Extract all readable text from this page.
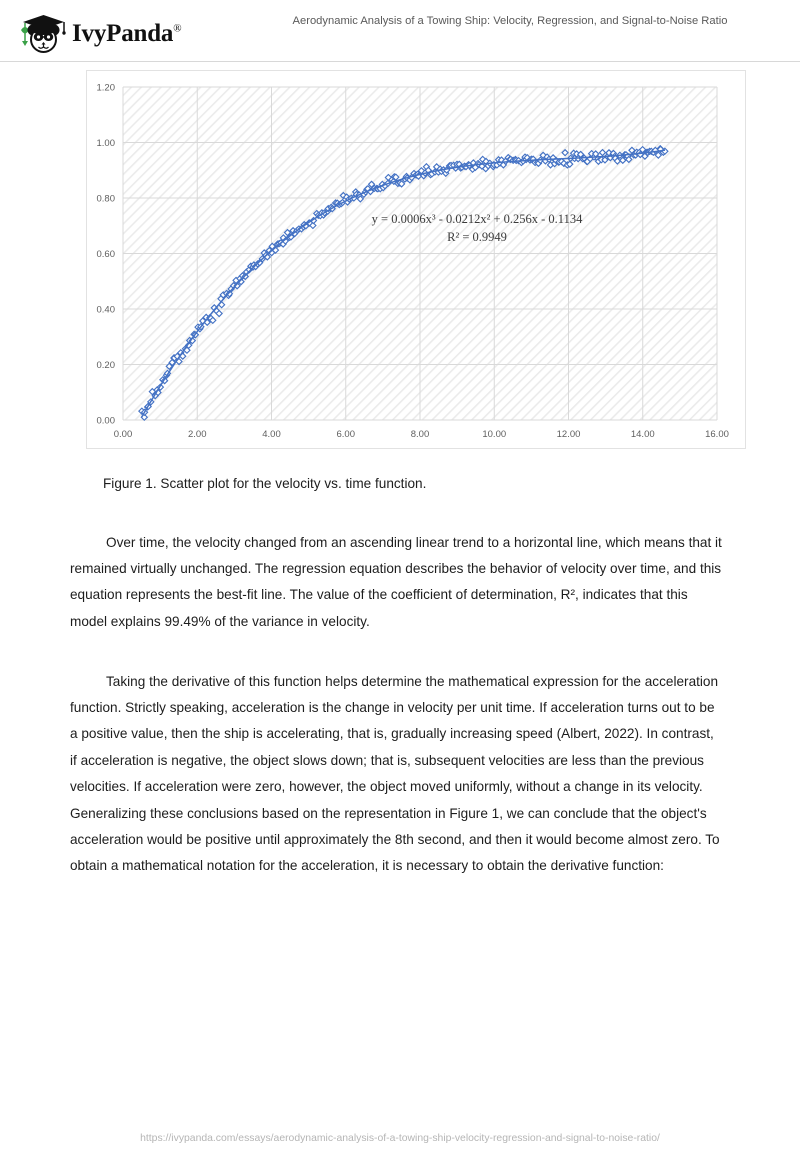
IvyPanda®
Aerodynamic Analysis of a Towing Ship: Velocity, Regression, and Signal-to-Noise Ratio
0.00
0.20
0.40
0.60
0.80
1.00
1.20
0.00	2.00	4.00	6.00	8.00	10.00	12.00	14.00	16.00
y = 0.0006x³ - 0.0212x² + 0.256x - 0.1134
R² = 0.9949
Figure 1. Scatter plot for the velocity vs. time function.

Over time, the velocity changed from an ascending linear trend to a horizontal line, which means that it remained virtually unchanged. The regression equation describes the behavior of velocity over time, and this equation represents the best-fit line. The value of the coefficient of determination, R², indicates that this model explains 99.49% of the variance in velocity.

Taking the derivative of this function helps determine the mathematical expression for the acceleration function. Strictly speaking, acceleration is the change in velocity per unit time. If acceleration turns out to be a positive value, then the ship is accelerating, that is, gradually increasing speed (Albert, 2022). In contrast, if acceleration is negative, the object slows down; that is, subsequent velocities are less than the previous velocities. If acceleration were zero, however, the object moved uniformly, without a change in its velocity. Generalizing these conclusions based on the representation in Figure 1, we can conclude that the object's acceleration would be positive until approximately the 8th second, and then it would become almost zero. To obtain a mathematical notation for the acceleration, it is necessary to obtain the derivative function:

https://ivypanda.com/essays/aerodynamic-analysis-of-a-towing-ship-velocity-regression-and-signal-to-noise-ratio/
